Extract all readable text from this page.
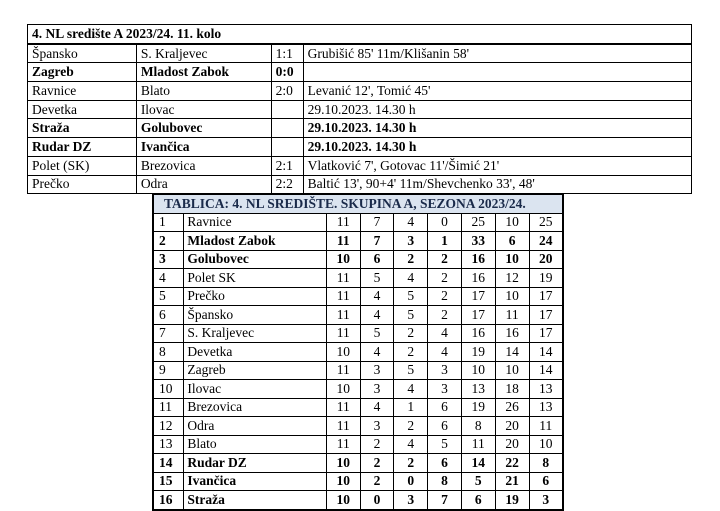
4. NL središte A 2023/24. 11. kolo			
Špansko	S. Kraljevec	1:1	Grubišić 85' 11m/Klišanin 58'
Zagreb	Mladost Zabok	0:0	
Ravnice	Blato	2:0	Levanić 12', Tomić 45'
Devetka	Ilovac		29.10.2023. 14.30 h
Straža	Golubovec		29.10.2023. 14.30 h
Rudar DZ	Ivančica		29.10.2023. 14.30 h
Polet (SK)	Brezovica	2:1	Vlatković 7', Gotovac 11'/Šimić 21'
Prečko	Odra	2:2	Baltić 13', 90+4' 11m/Shevchenko 33', 48'
TABLICA: 4. NL SREDIŠTE. SKUPINA A, SEZONA 2023/24.								
1	Ravnice	11	7	4	0	25	10	25
2	Mladost Zabok	11	7	3	1	33	6	24
3	Golubovec	10	6	2	2	16	10	20
4	Polet SK	11	5	4	2	16	12	19
5	Prečko	11	4	5	2	17	10	17
6	Špansko	11	4	5	2	17	11	17
7	S. Kraljevec	11	5	2	4	16	16	17
8	Devetka	10	4	2	4	19	14	14
9	Zagreb	11	3	5	3	10	10	14
10	Ilovac	10	3	4	3	13	18	13
11	Brezovica	11	4	1	6	19	26	13
12	Odra	11	3	2	6	8	20	11
13	Blato	11	2	4	5	11	20	10
14	Rudar DZ	10	2	2	6	14	22	8
15	Ivančica	10	2	0	8	5	21	6
16	Straža	10	0	3	7	6	19	3
